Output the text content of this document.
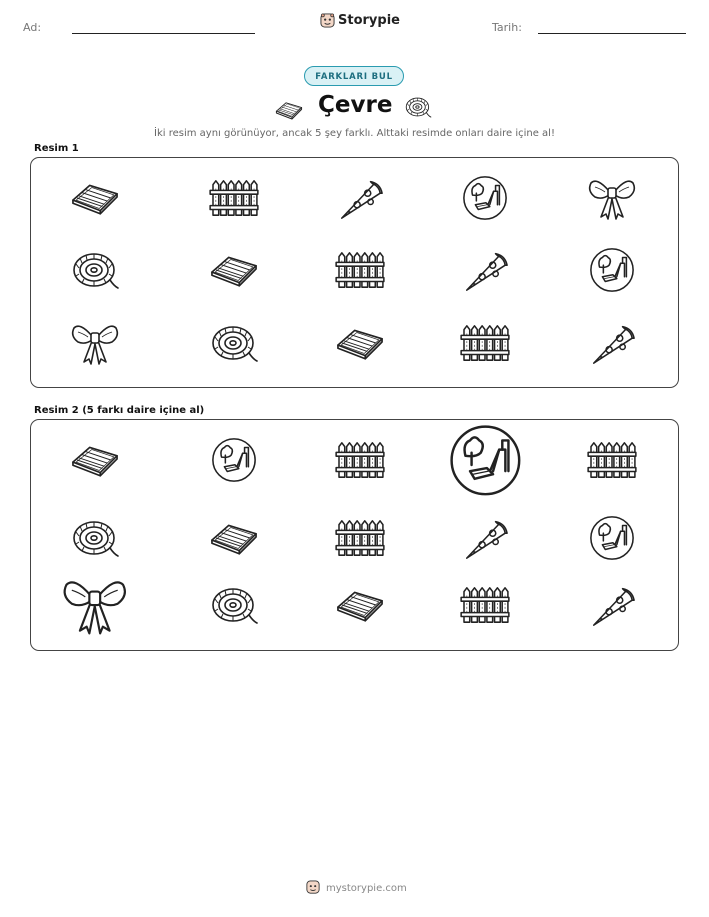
Ad:	Storypie	Tarih:
FARKLARI BUL
Çevre
İki resim aynı görünüyor, ancak 5 şey farklı. Alttaki resimde onları daire içine al!
Resim 1
Resim 2 (5 farkı daire içine al)
mystorypie.com
